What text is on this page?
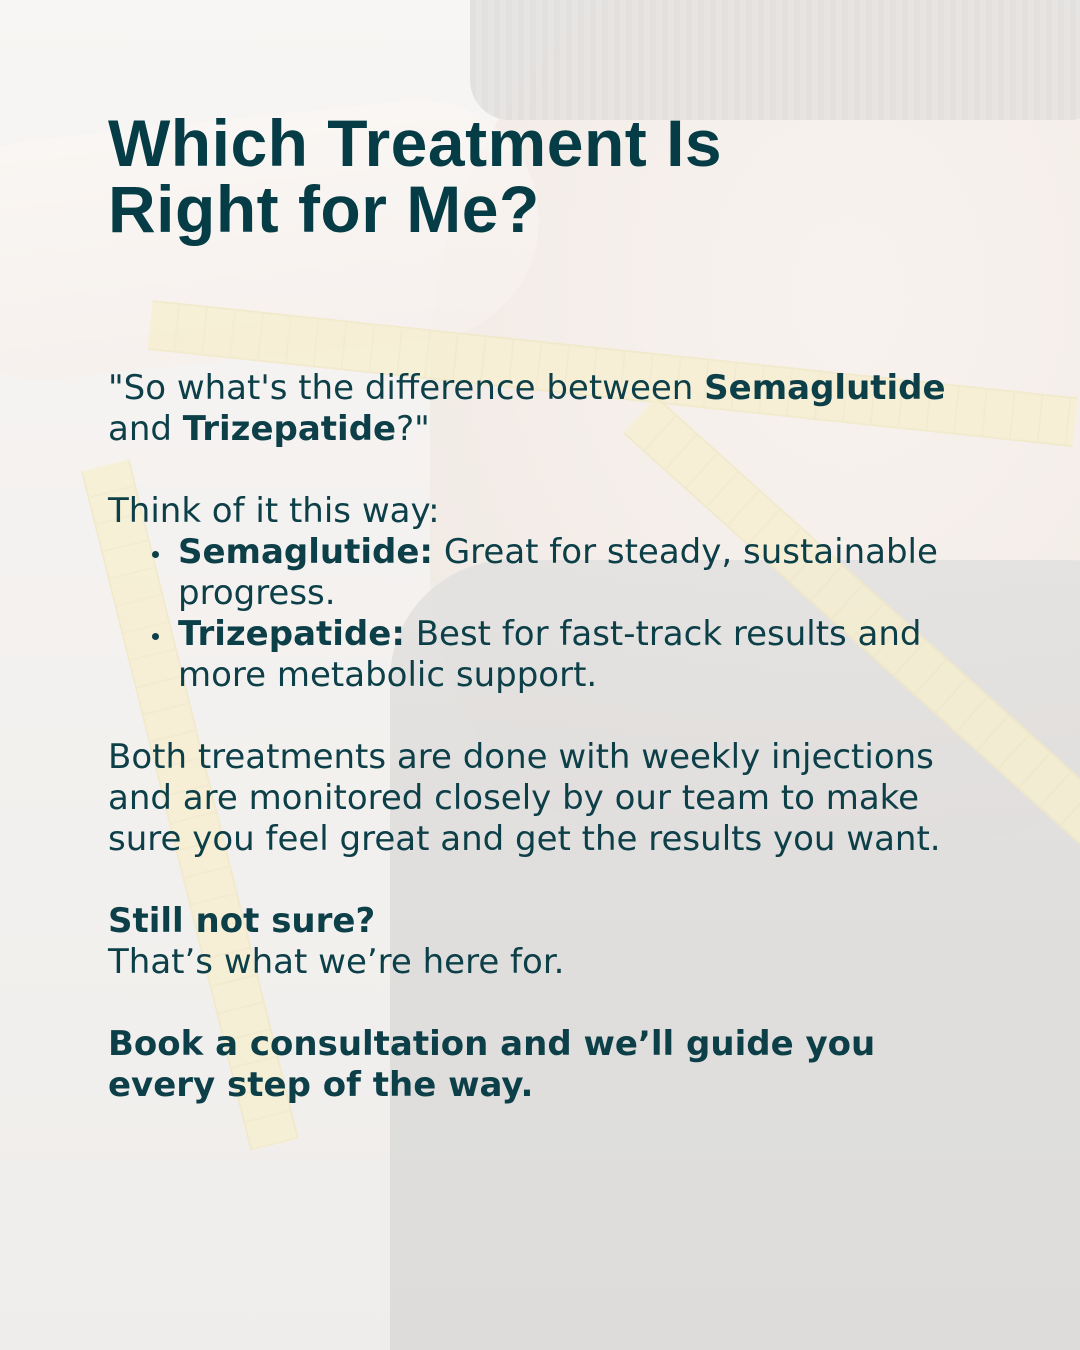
Which Treatment Is
Right for Me?

"So what's the difference between Semaglutide and Trizepatide?"

Think of it this way:

Semaglutide: Great for steady, sustainable progress.
Trizepatide: Best for fast-track results and more metabolic support.

Both treatments are done with weekly injections and are monitored closely by our team to make sure you feel great and get the results you want.

Still not sure?

That’s what we’re here for.

Book a consultation and we’ll guide you every step of the way.
